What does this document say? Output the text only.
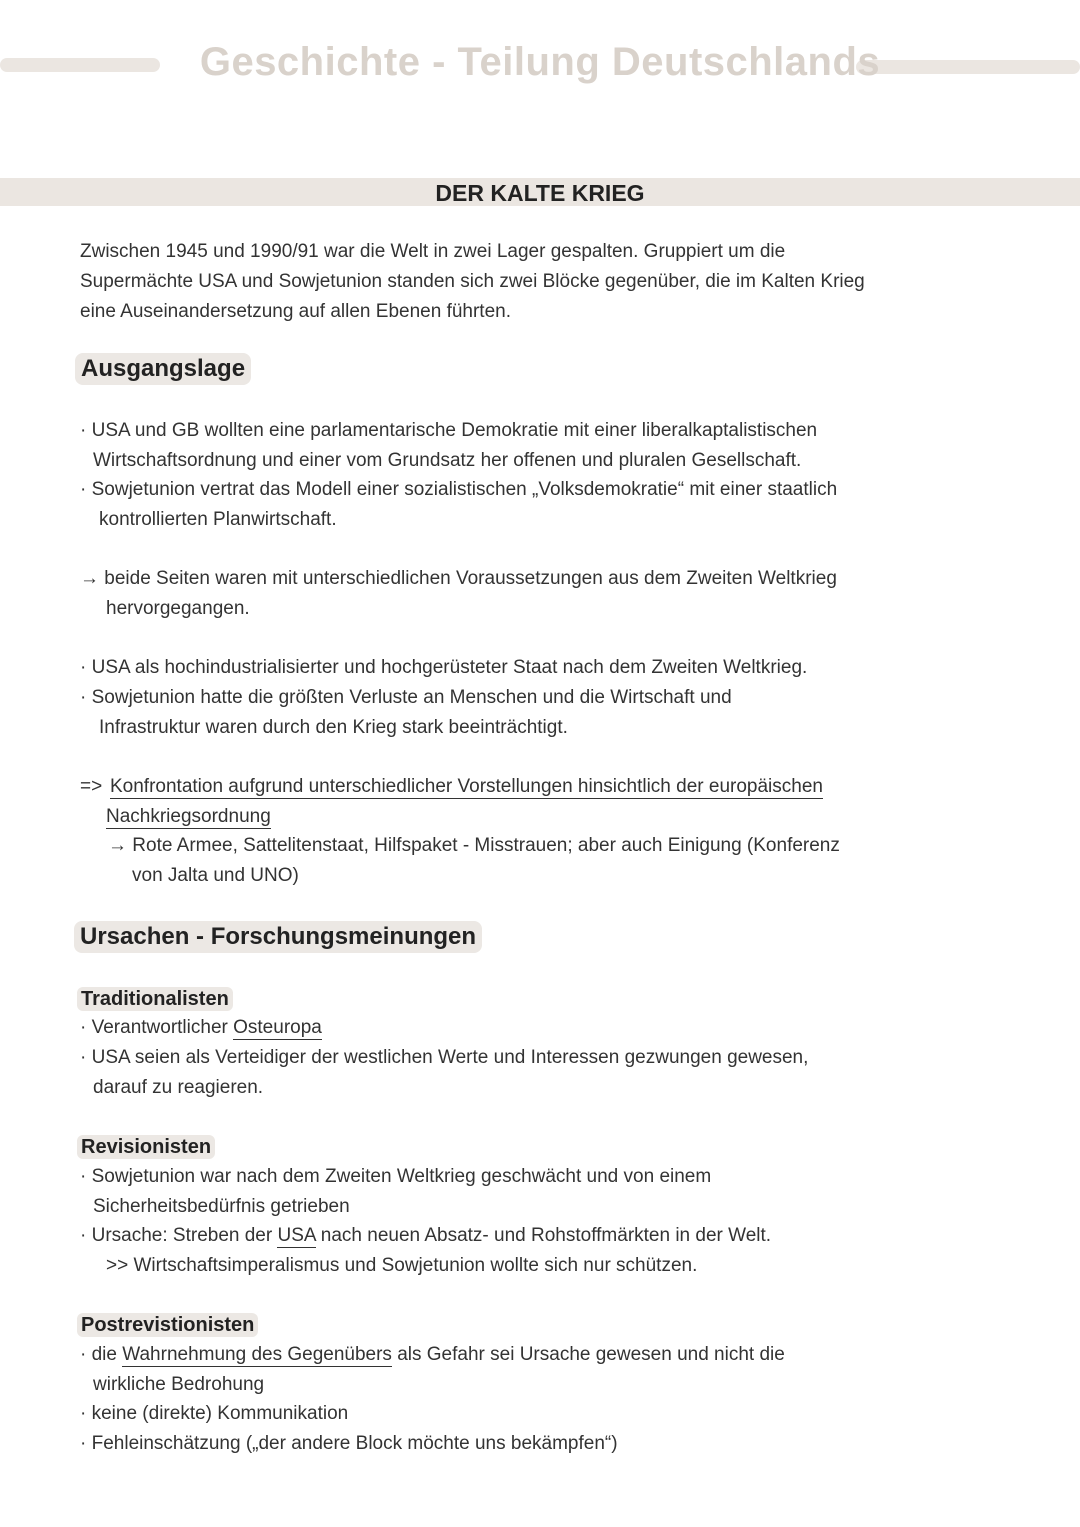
Geschichte - Teilung Deutschlands
DER KALTE KRIEG
Zwischen 1945 und 1990/91 war die Welt in zwei Lager gespalten. Gruppiert um die
Supermächte USA und Sowjetunion standen sich zwei Blöcke gegenüber, die im Kalten Krieg
eine Auseinandersetzung auf allen Ebenen führten.
Ausgangslage
· USA und GB wollten eine parlamentarische Demokratie mit einer liberalkaptalistischen
Wirtschaftsordnung und einer vom Grundsatz her offenen und pluralen Gesellschaft.
· Sowjetunion vertrat das Modell einer sozialistischen „Volksdemokratie“ mit einer staatlich
kontrollierten Planwirtschaft.
→ beide Seiten waren mit unterschiedlichen Voraussetzungen aus dem Zweiten Weltkrieg
hervorgegangen.
· USA als hochindustrialisierter und hochgerüsteter Staat nach dem Zweiten Weltkrieg.
· Sowjetunion hatte die größten Verluste an Menschen und die Wirtschaft und
Infrastruktur waren durch den Krieg stark beeinträchtigt.
=> Konfrontation aufgrund unterschiedlicher Vorstellungen hinsichtlich der europäischen
Nachkriegsordnung
→ Rote Armee, Sattelitenstaat, Hilfspaket - Misstrauen; aber auch Einigung (Konferenz
von Jalta und UNO)
Ursachen - Forschungsmeinungen
Traditionalisten
· Verantwortlicher Osteuropa
· USA seien als Verteidiger der westlichen Werte und Interessen gezwungen gewesen,
darauf zu reagieren.
Revisionisten
· Sowjetunion war nach dem Zweiten Weltkrieg geschwächt und von einem
Sicherheitsbedürfnis getrieben
· Ursache: Streben der USA nach neuen Absatz- und Rohstoffmärkten in der Welt.
>> Wirtschaftsimperalismus und Sowjetunion wollte sich nur schützen.
Postrevistionisten
· die Wahrnehmung des Gegenübers als Gefahr sei Ursache gewesen und nicht die
wirkliche Bedrohung
· keine (direkte) Kommunikation
· Fehleinschätzung („der andere Block möchte uns bekämpfen“)
